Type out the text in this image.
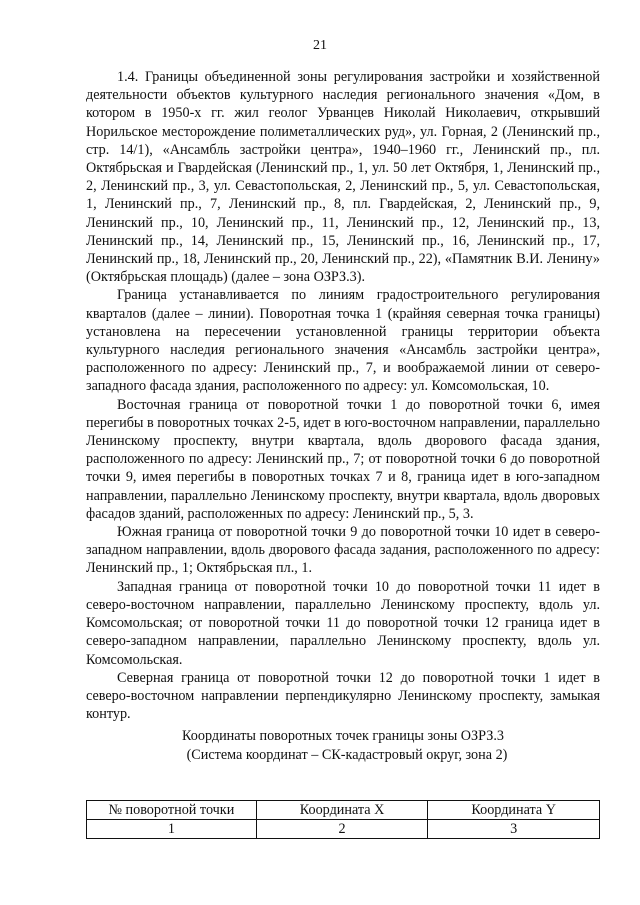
21

1.4. Границы объединенной зоны регулирования застройки и хозяйственной деятельности объектов культурного наследия регионального значения «Дом, в котором в 1950-х гг. жил геолог Урванцев Николай Николаевич, открывший Норильское месторождение полиметаллических руд», ул. Горная, 2 (Ленинский пр., стр. 14/1), «Ансамбль застройки центра», 1940–1960 гг., Ленинский пр., пл. Октябрьская и Гвардейская (Ленинский пр., 1, ул. 50 лет Октября, 1, Ленинский пр., 2, Ленинский пр., 3, ул. Севастопольская, 2, Ленинский пр., 5, ул. Севастопольская, 1, Ленинский пр., 7, Ленинский пр., 8, пл. Гвардейская, 2, Ленинский пр., 9, Ленинский пр., 10, Ленинский пр., 11, Ленинский пр., 12, Ленинский пр., 13, Ленинский пр., 14, Ленинский пр., 15, Ленинский пр., 16, Ленинский пр., 17, Ленинский пр., 18, Ленинский пр., 20, Ленинский пр., 22), «Памятник В.И. Ленину» (Октябрьская площадь) (далее – зона ОЗРЗ.3).

Граница устанавливается по линиям градостроительного регулирования кварталов (далее – линии). Поворотная точка 1 (крайняя северная точка границы) установлена на пересечении установленной границы территории объекта культурного наследия регионального значения «Ансамбль застройки центра», расположенного по адресу: Ленинский пр., 7, и воображаемой линии от северо-западного фасада здания, расположенного по адресу: ул. Комсомольская, 10.

Восточная граница от поворотной точки 1 до поворотной точки 6, имея перегибы в поворотных точках 2-5, идет в юго-восточном направлении, параллельно Ленинскому проспекту, внутри квартала, вдоль дворового фасада здания, расположенного по адресу: Ленинский пр., 7; от поворотной точки 6 до поворотной точки 9, имея перегибы в поворотных точках 7 и 8, граница идет в юго-западном направлении, параллельно Ленинскому проспекту, внутри квартала, вдоль дворовых фасадов зданий, расположенных по адресу: Ленинский пр., 5, 3.

Южная граница от поворотной точки 9 до поворотной точки 10 идет в северо-западном направлении, вдоль дворового фасада задания, расположенного по адресу: Ленинский пр., 1; Октябрьская пл., 1.

Западная граница от поворотной точки 10 до поворотной точки 11 идет в северо-восточном направлении, параллельно Ленинскому проспекту, вдоль ул. Комсомольская; от поворотной точки 11 до поворотной точки 12 граница идет в северо-западном направлении, параллельно Ленинскому проспекту, вдоль ул. Комсомольская.

Северная граница от поворотной точки 12 до поворотной точки 1 идет в северо-восточном направлении перпендикулярно Ленинскому проспекту, замыкая контур.

Координаты поворотных точек границы зоны ОЗРЗ.3
(Система координат – СК-кадастровый округ, зона 2)
№ поворотной точки	Координата X	Координата Y
1	2	3
